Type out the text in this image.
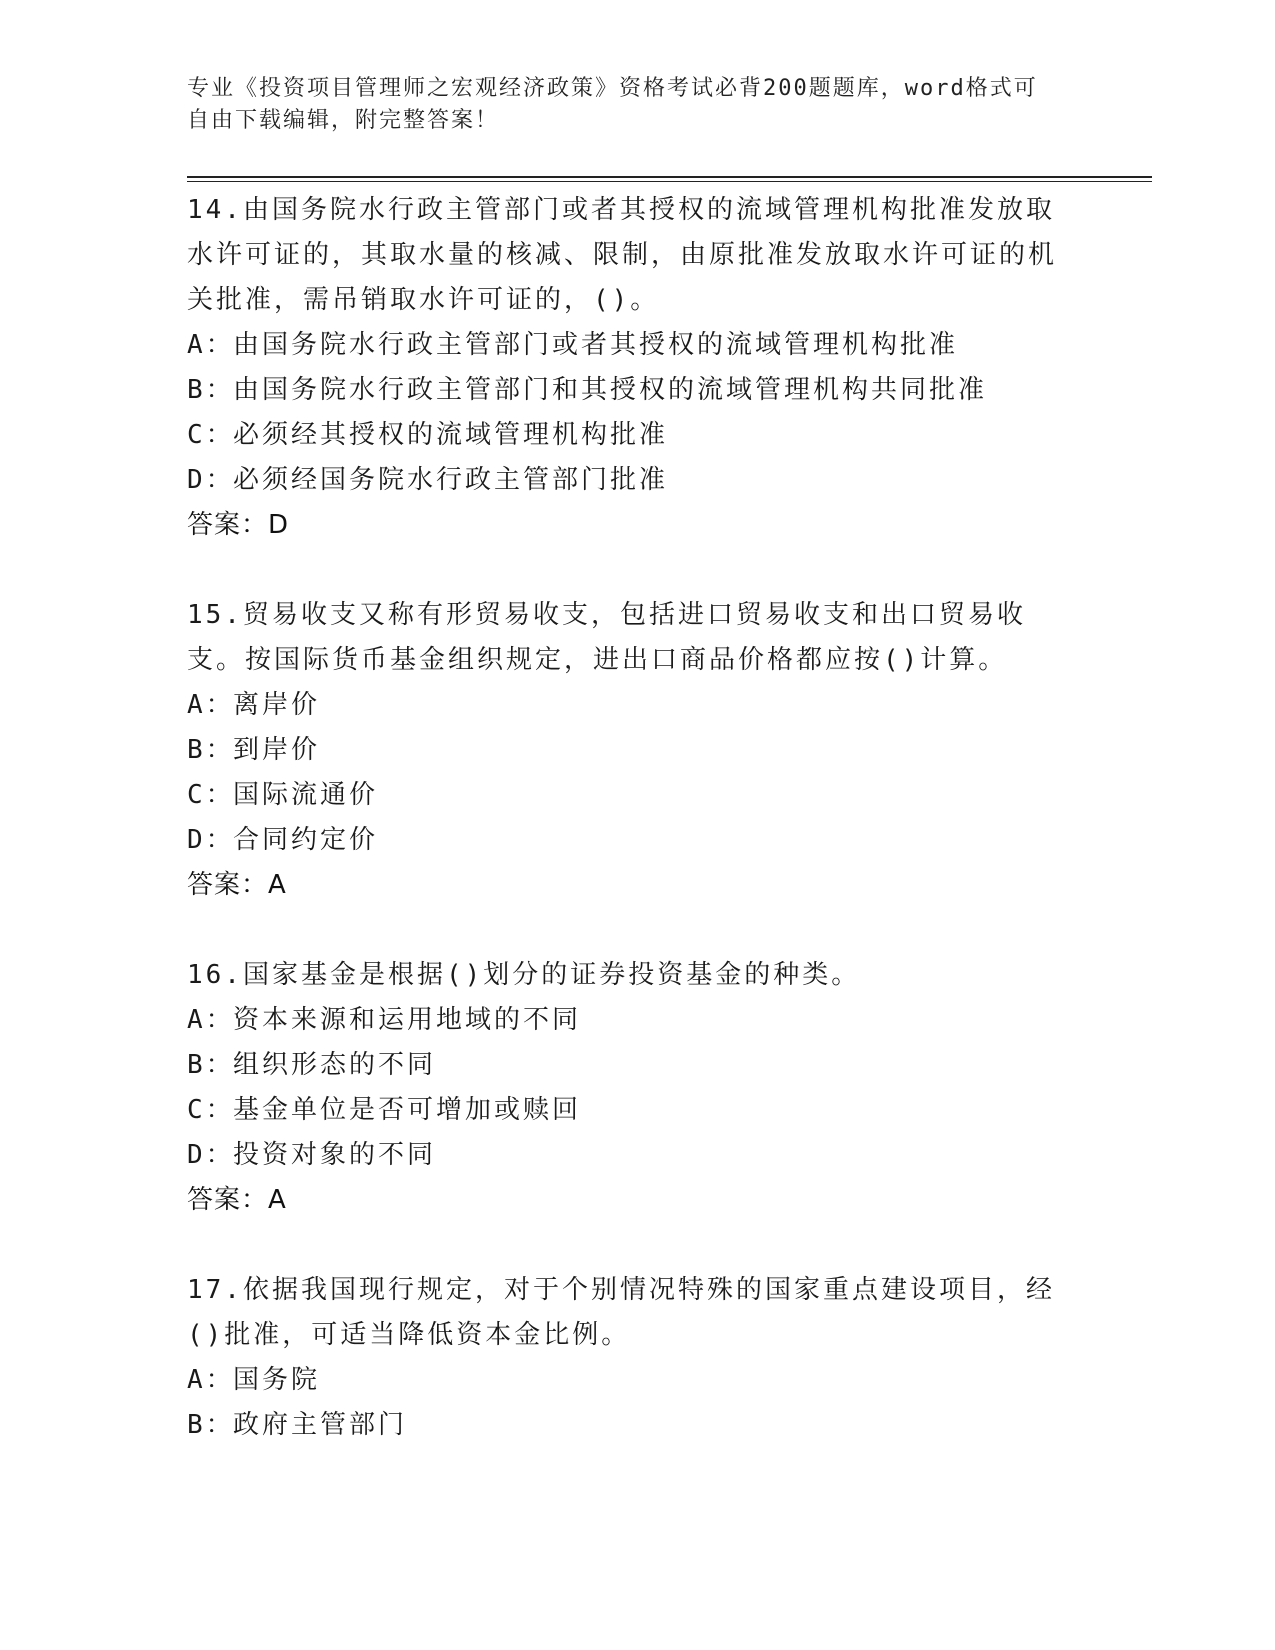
专业《投资项目管理师之宏观经济政策》资格考试必背200题题库，word格式可
自由下载编辑，附完整答案！
14.由国务院水行政主管部门或者其授权的流域管理机构批准发放取水许可证的，其取水量的核减、限制，由原批准发放取水许可证的机关批准，需吊销取水许可证的，()。
A：由国务院水行政主管部门或者其授权的流域管理机构批准
B：由国务院水行政主管部门和其授权的流域管理机构共同批准
C：必须经其授权的流域管理机构批准
D：必须经国务院水行政主管部门批准
答案：D
15.贸易收支又称有形贸易收支，包括进口贸易收支和出口贸易收支。按国际货币基金组织规定，进出口商品价格都应按()计算。
A：离岸价
B：到岸价
C：国际流通价
D：合同约定价
答案：A
16.国家基金是根据()划分的证券投资基金的种类。
A：资本来源和运用地域的不同
B：组织形态的不同
C：基金单位是否可增加或赎回
D：投资对象的不同
答案：A
17.依据我国现行规定，对于个别情况特殊的国家重点建设项目，经()批准，可适当降低资本金比例。
A：国务院
B：政府主管部门
